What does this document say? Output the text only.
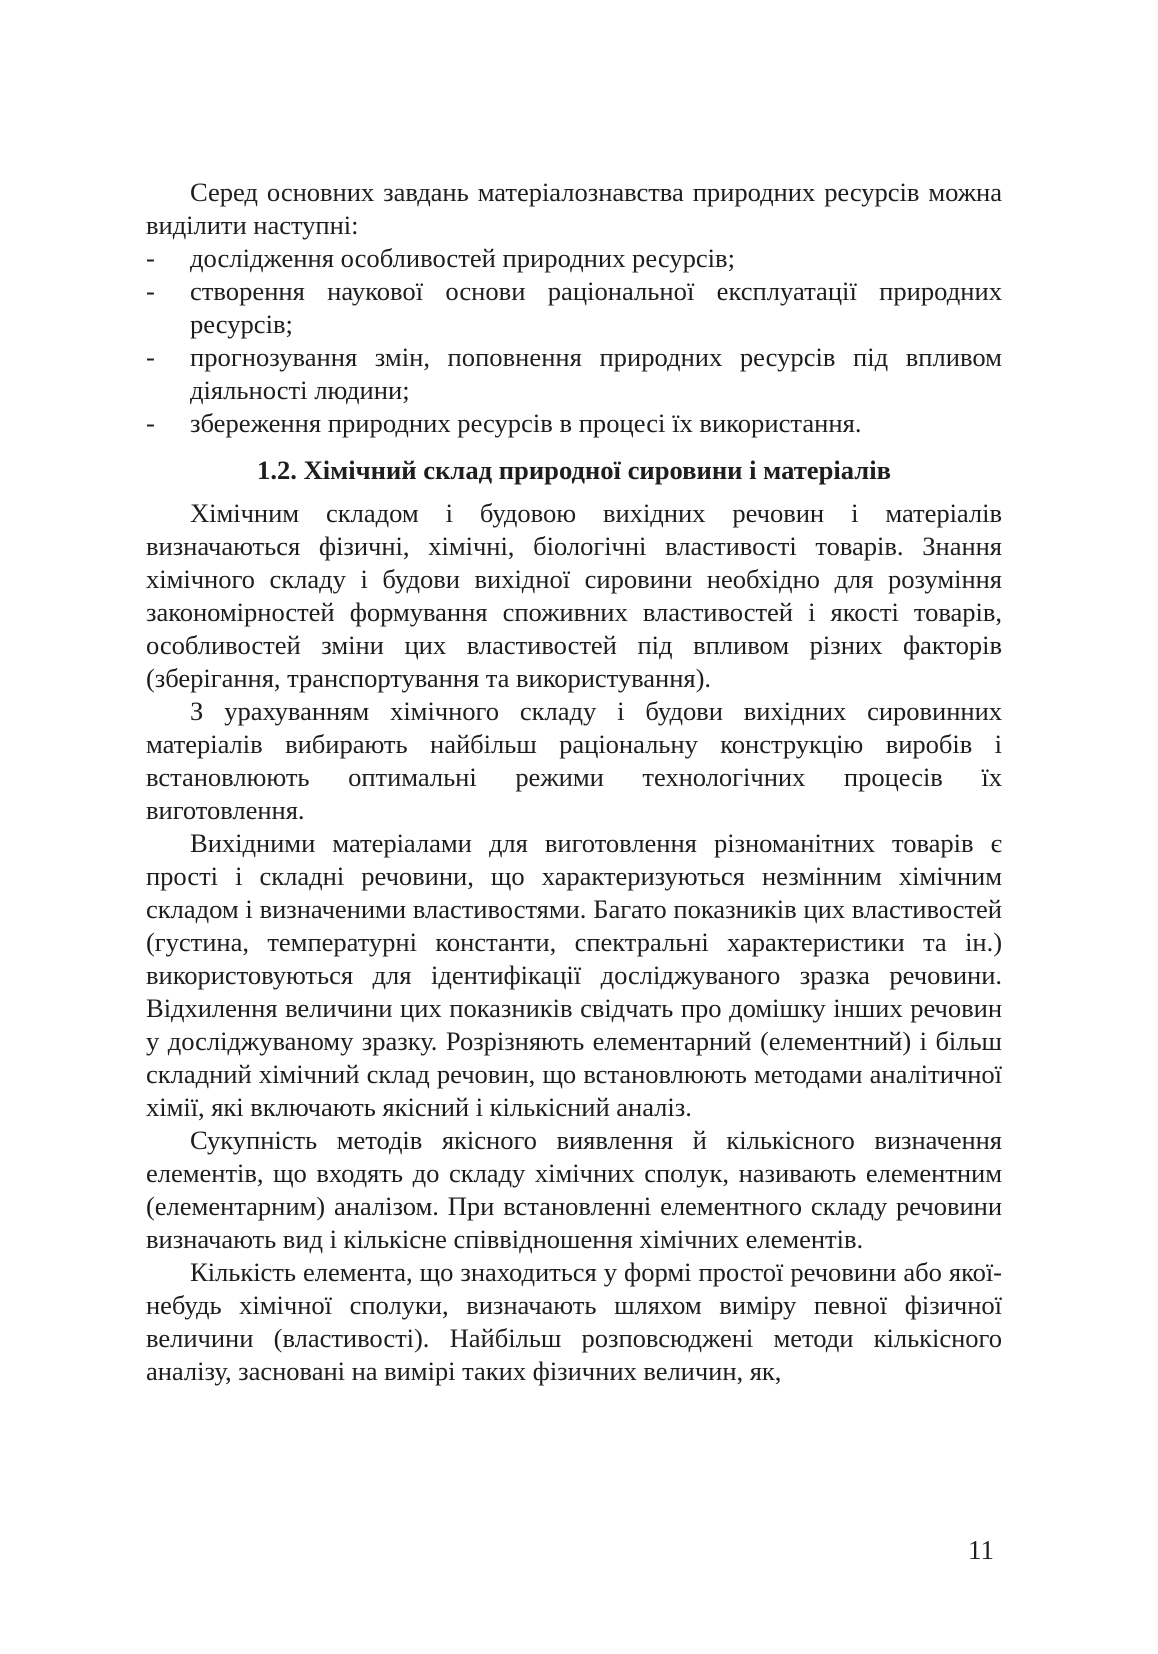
Серед основних завдань матеріалознавства природних ресурсів можна виділити наступні:

- дослідження особливостей природних ресурсів;
- створення наукової основи раціональної експлуатації природних ресурсів;
- прогнозування змін, поповнення природних ресурсів під впливом діяльності людини;
- збереження природних ресурсів в процесі їх використання.
1.2. Хімічний склад природної сировини і матеріалів

Хімічним складом і будовою вихідних речовин і матеріалів визначаються фізичні, хімічні, біологічні властивості товарів. Знання хімічного складу і будови вихідної сировини необхідно для розуміння закономірностей формування споживних властивостей і якості товарів, особливостей зміни цих властивостей під впливом різних факторів (зберігання, транспортування та використування).

З урахуванням хімічного складу і будови вихідних сировинних матеріалів вибирають найбільш раціональну конструкцію виробів і встановлюють оптимальні режими технологічних процесів їх виготовлення.

Вихідними матеріалами для виготовлення різноманітних товарів є прості і складні речовини, що характеризуються незмінним хімічним складом і визначеними властивостями. Багато показників цих властивостей (густина, температурні константи, спектральні характеристики та ін.) використовуються для ідентифікації досліджуваного зразка речовини. Відхилення величини цих показників свідчать про домішку інших речовин у досліджуваному зразку. Розрізняють елементарний (елементний) і більш складний хімічний склад речовин, що встановлюють методами аналітичної хімії, які включають якісний і кількісний аналіз.

Сукупність методів якісного виявлення й кількісного визначення елементів, що входять до складу хімічних сполук, називають елементним (елементарним) аналізом. При встановленні елементного складу речовини визначають вид і кількісне співвідношення хімічних елементів.

Кількість елемента, що знаходиться у формі простої речовини або якої-небудь хімічної сполуки, визначають шляхом виміру певної фізичної величини (властивості). Найбільш розповсюджені методи кількісного аналізу, засновані на вимірі таких фізичних величин, як,

11
